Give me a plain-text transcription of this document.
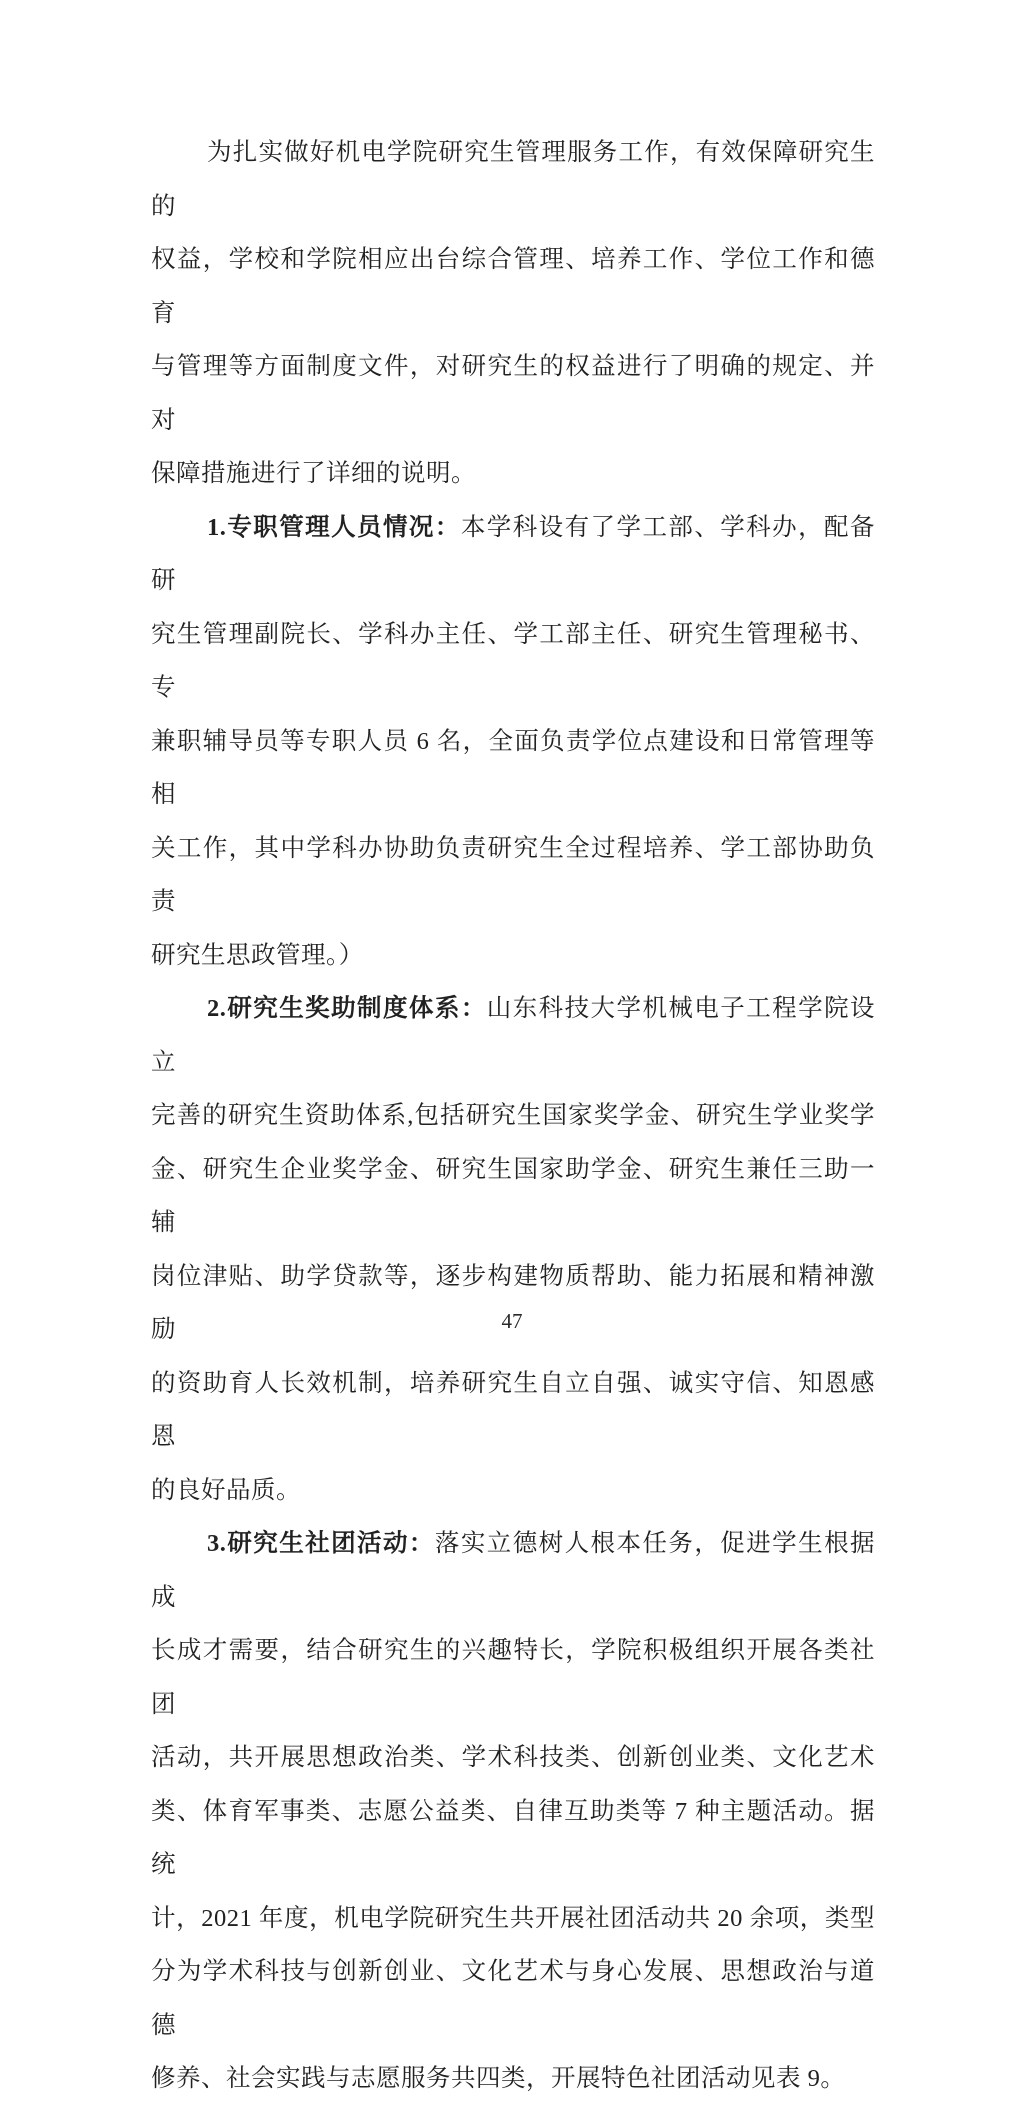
为扎实做好机电学院研究生管理服务工作，有效保障研究生的
权益，学校和学院相应出台综合管理、培养工作、学位工作和德育
与管理等方面制度文件，对研究生的权益进行了明确的规定、并对
保障措施进行了详细的说明。
1.专职管理人员情况：本学科设有了学工部、学科办，配备研
究生管理副院长、学科办主任、学工部主任、研究生管理秘书、专
兼职辅导员等专职人员 6 名，全面负责学位点建设和日常管理等相
关工作，其中学科办协助负责研究生全过程培养、学工部协助负责
研究生思政管理。）
2.研究生奖助制度体系：山东科技大学机械电子工程学院设立
完善的研究生资助体系,包括研究生国家奖学金、研究生学业奖学
金、研究生企业奖学金、研究生国家助学金、研究生兼任三助一辅
岗位津贴、助学贷款等，逐步构建物质帮助、能力拓展和精神激励
的资助育人长效机制，培养研究生自立自强、诚实守信、知恩感恩
的良好品质。
3.研究生社团活动：落实立德树人根本任务，促进学生根据成
长成才需要，结合研究生的兴趣特长，学院积极组织开展各类社团
活动，共开展思想政治类、学术科技类、创新创业类、文化艺术
类、体育军事类、志愿公益类、自律互助类等 7 种主题活动。据统
计，2021 年度，机电学院研究生共开展社团活动共 20 余项，类型
分为学术科技与创新创业、文化艺术与身心发展、思想政治与道德
修养、社会实践与志愿服务共四类，开展特色社团活动见表 9。
47
